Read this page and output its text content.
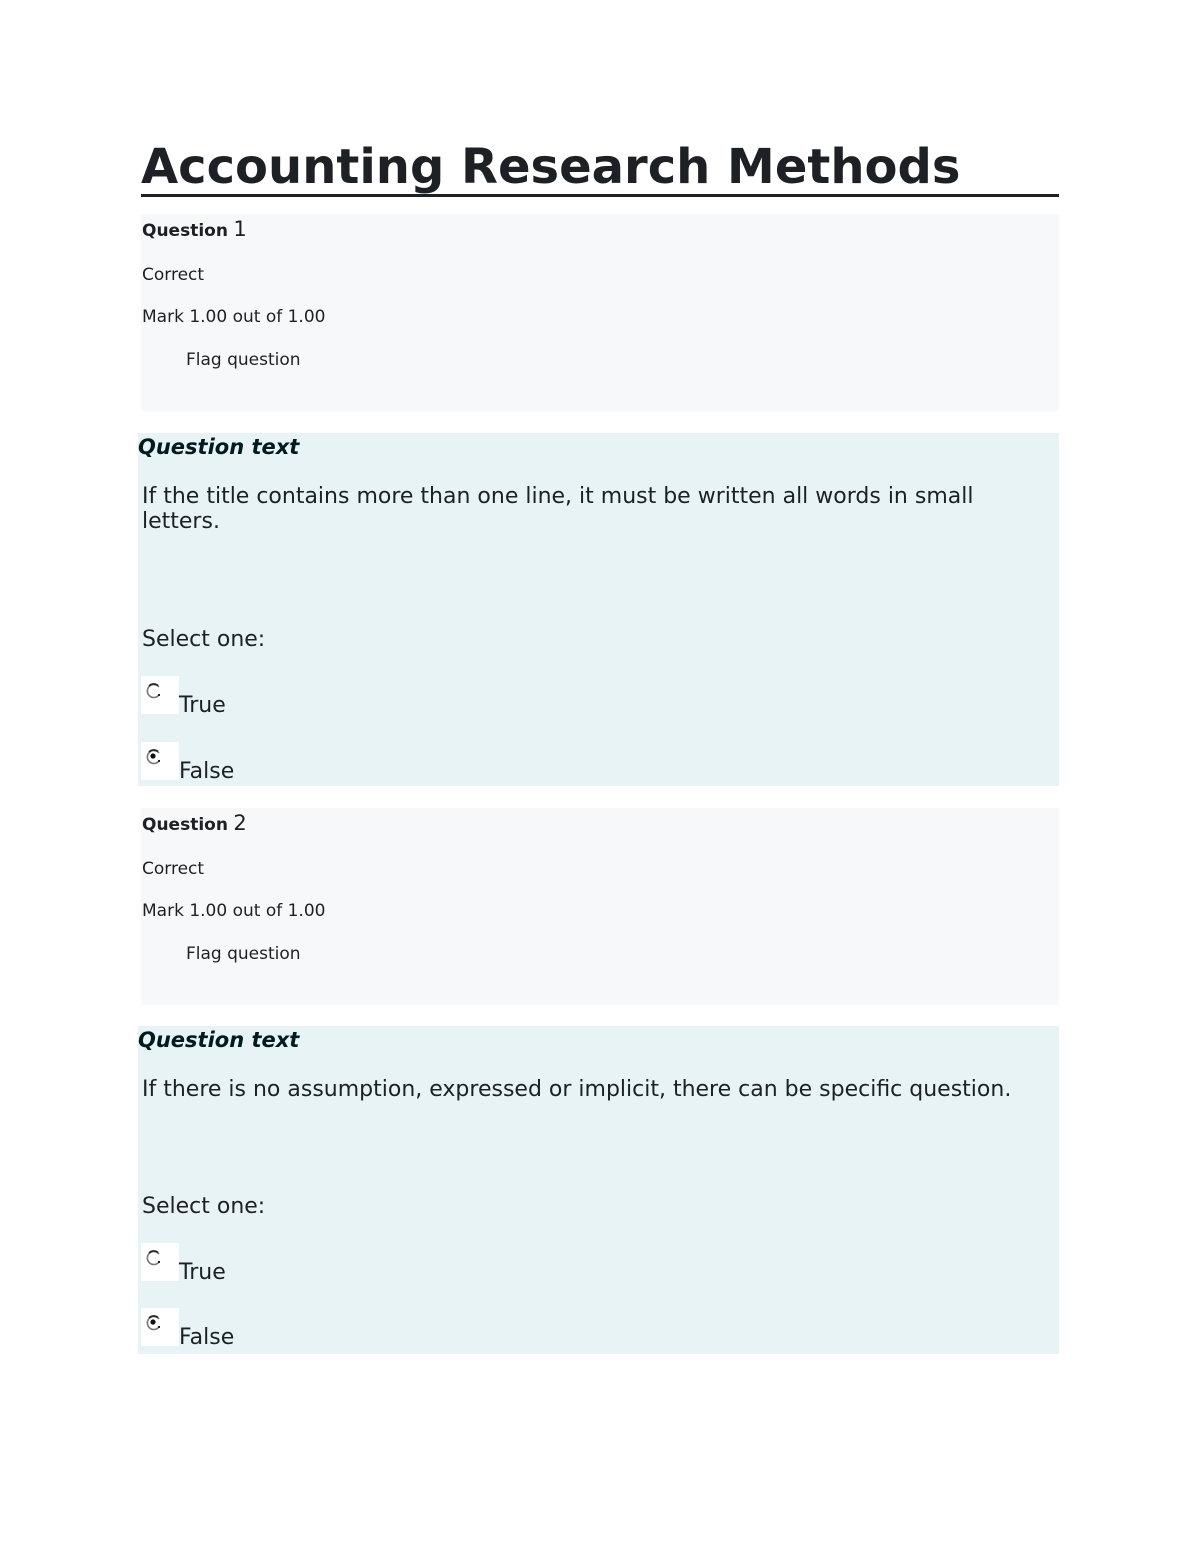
Accounting Research Methods
Question 1
Correct
Mark 1.00 out of 1.00
Flag question
Question text
If the title contains more than one line, it must be written all words in small letters.
Select one:
True
False
Question 2
Correct
Mark 1.00 out of 1.00
Flag question
Question text
If there is no assumption, expressed or implicit, there can be specific question.
Select one:
True
False
